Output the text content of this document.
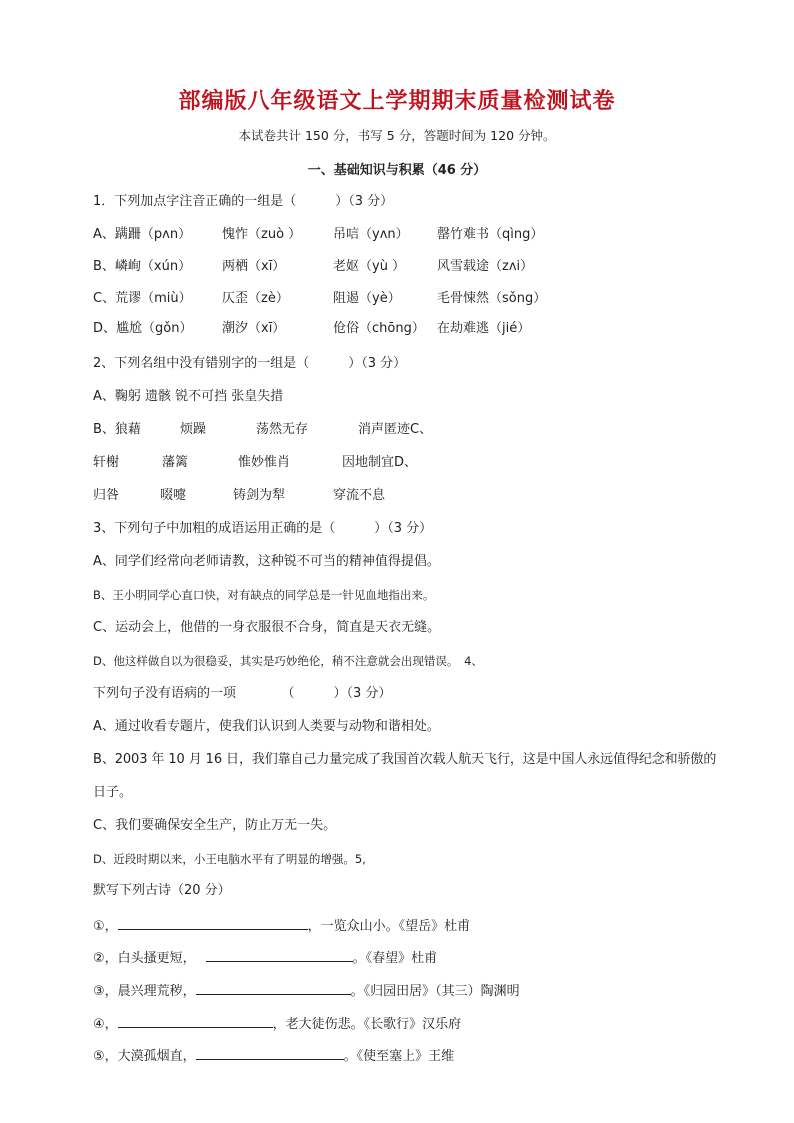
部编版八年级语文上学期期末质量检测试卷
本试卷共计 150 分，书写 5 分，答题时间为 120 分钟。
一、基础知识与积累（46 分）
1．下列加点字注音正确的一组是（　　　）（3 分）
A、蹒跚（pʌn） 愧怍（zuò ） 吊唁（yʌn） 罄竹难书（qìng）
B、嶙峋（xún） 两栖（xī）	老妪（yù ） 风雪载途（zʌi）
C、荒谬（miù） 仄歪（zè）	阻遏（yè）	毛骨悚然（sǒng）
D、尴尬（gǒn） 潮汐（xī）	伧俗（chōng） 在劫难逃（jié）
2、下列名组中没有错别字的一组是（　　　）（3 分）
A、鞠躬 遗骸 锐不可挡 张皇失措
B、狼藉	烦躁	荡然无存	消声匿迹C、
轩榭	藩篱	惟妙惟肖	因地制宜D、
归咎	啜嚏	铸剑为犁	穿流不息
3、下列句子中加粗的成语运用正确的是（　　　）（3 分）
A、同学们经常向老师请教，这种锐不可当的精神值得提倡。
B、王小明同学心直口快，对有缺点的同学总是一针见血地指出来。
C、运动会上，他借的一身衣服很不合身，简直是天衣无缝。
D、他这样做自以为很稳妥，其实是巧妙绝伦，稍不注意就会出现错误。　4、
下列句子没有语病的一项　　　　（　　　）（3 分）
A、通过收看专题片，使我们认识到人类要与动物和谐相处。
B、2003 年 10 月 16 日，我们靠自己力量完成了我国首次载人航天飞行，这是中国人永远值得纪念和骄傲的
日子。
C、我们要确保安全生产，防止万无一失。
D、近段时期以来，小王电脑水平有了明显的增强。5,
默写下列古诗（20 分）
①，	，一览众山小。《望岳》杜甫
②，白头搔更短，	。《春望》杜甫
③，晨兴理荒秽，	。《归园田居》（其三）陶渊明
④，	，老大徒伤悲。《长歌行》汉乐府
⑤，大漠孤烟直，	。《使至塞上》王维
